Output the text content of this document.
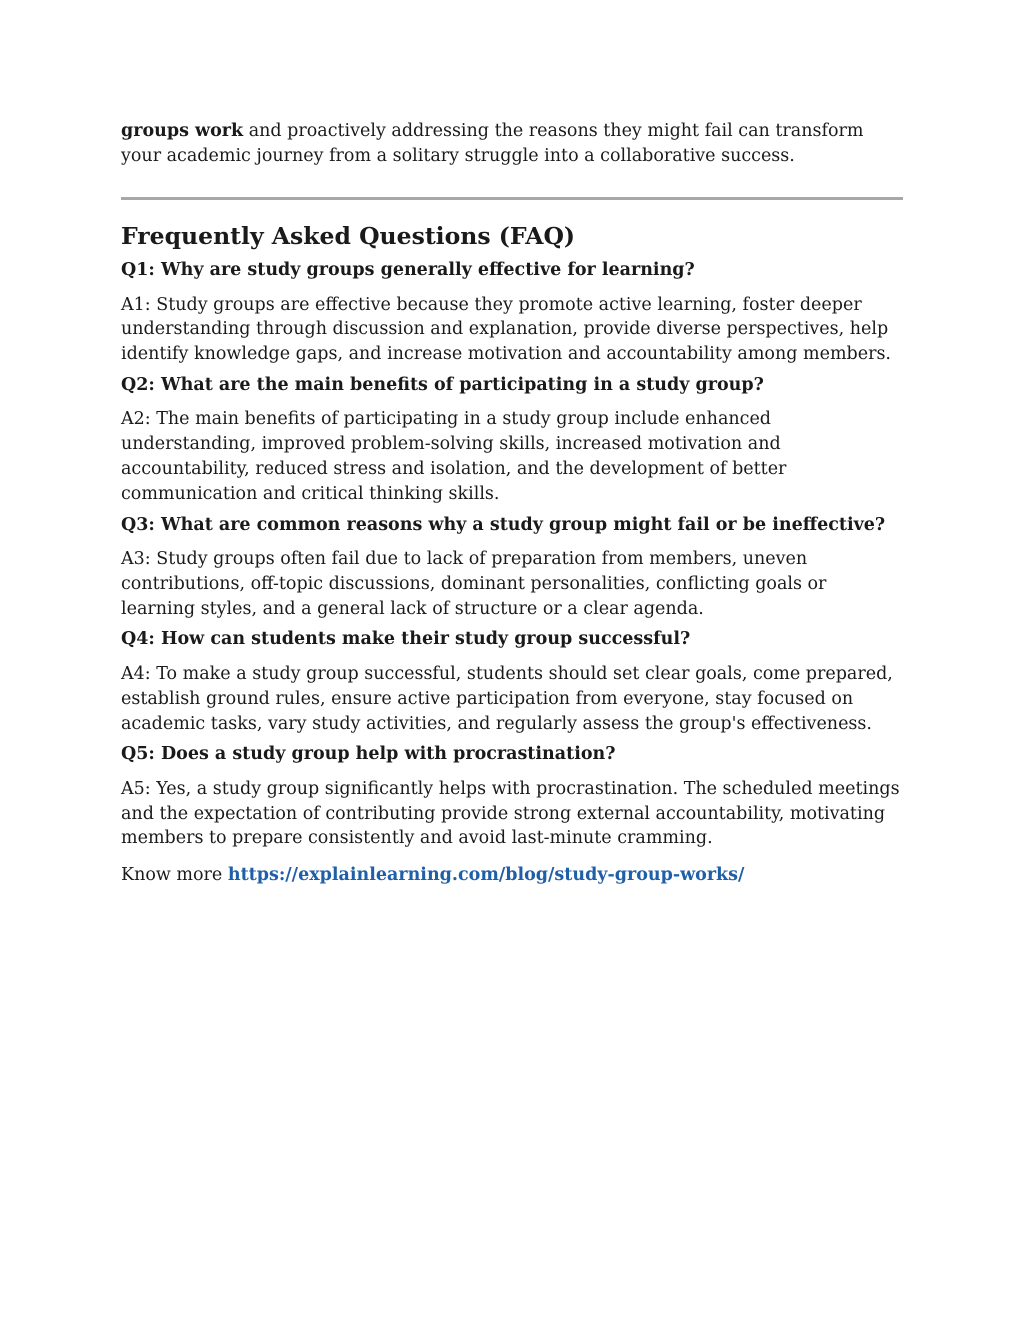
groups work and proactively addressing the reasons they might fail can transform your academic journey from a solitary struggle into a collaborative success.

Frequently Asked Questions (FAQ)

Q1: Why are study groups generally effective for learning?

A1: Study groups are effective because they promote active learning, foster deeper understanding through discussion and explanation, provide diverse perspectives, help identify knowledge gaps, and increase motivation and accountability among members.

Q2: What are the main benefits of participating in a study group?

A2: The main benefits of participating in a study group include enhanced understanding, improved problem-solving skills, increased motivation and accountability, reduced stress and isolation, and the development of better communication and critical thinking skills.

Q3: What are common reasons why a study group might fail or be ineffective?

A3: Study groups often fail due to lack of preparation from members, uneven contributions, off-topic discussions, dominant personalities, conflicting goals or learning styles, and a general lack of structure or a clear agenda.

Q4: How can students make their study group successful?

A4: To make a study group successful, students should set clear goals, come prepared, establish ground rules, ensure active participation from everyone, stay focused on academic tasks, vary study activities, and regularly assess the group's effectiveness.

Q5: Does a study group help with procrastination?

A5: Yes, a study group significantly helps with procrastination. The scheduled meetings and the expectation of contributing provide strong external accountability, motivating members to prepare consistently and avoid last-minute cramming.

Know more https://explainlearning.com/blog/study-group-works/
